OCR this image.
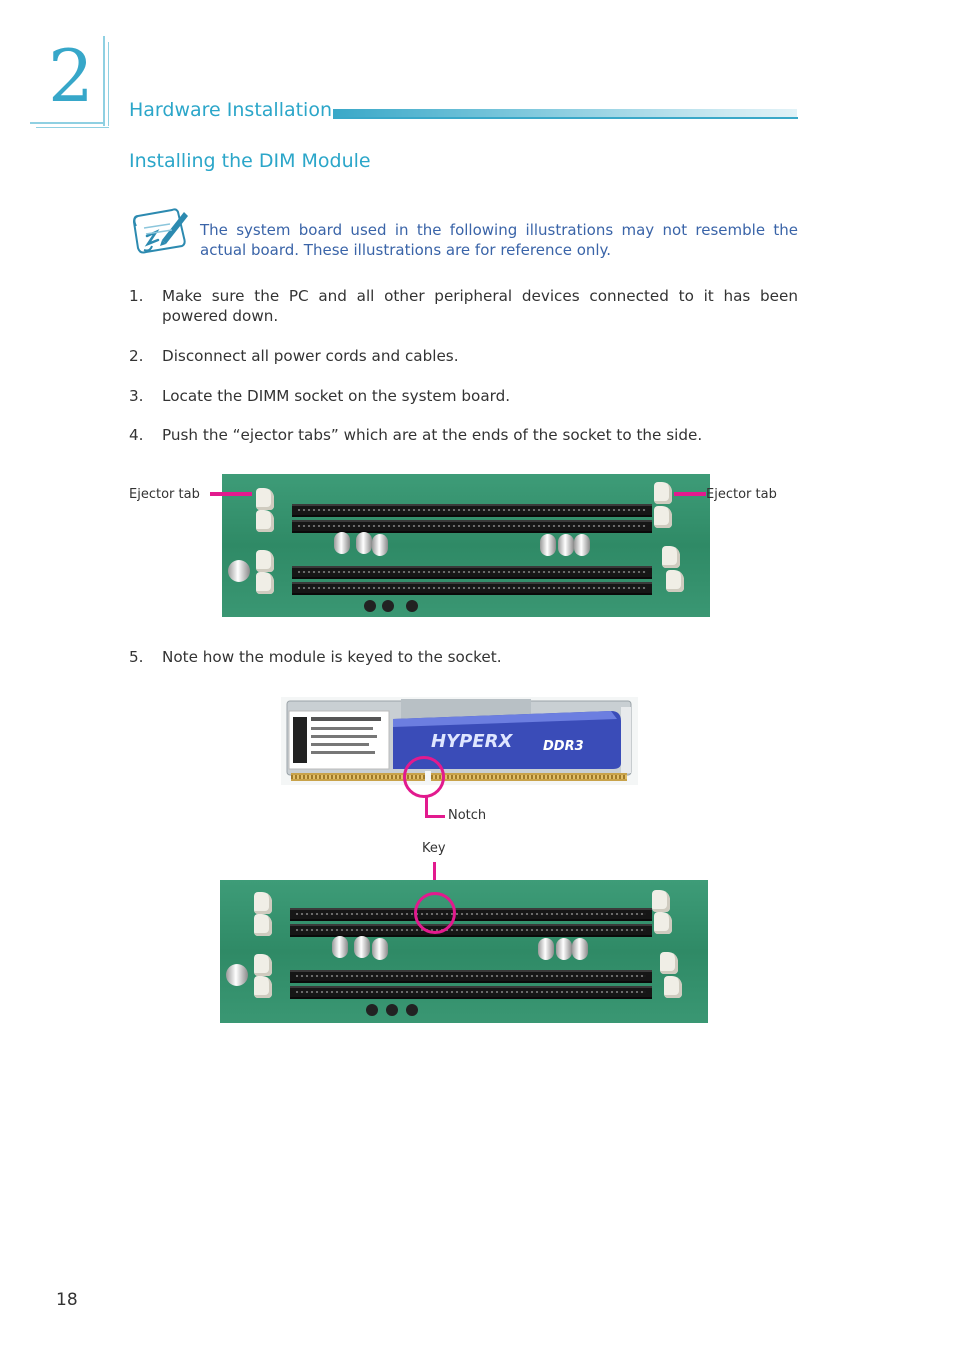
2 Hardware Installation
Installing the DIM Module
The system board used in the following illustrations may not resemble the actual board. These illustrations are for reference only.
1.	Make sure the PC and all other peripheral devices connected to it has been powered down.
2.	Disconnect all power cords and cables.
3.	Locate the DIMM socket on the system board.
4.	Push the “ejector tabs” which are at the ends of the socket to the side.
Ejector tab	Ejector tab
5.	Note how the module is keyed to the socket.
HYPERX DDR3
Notch
Key
18
